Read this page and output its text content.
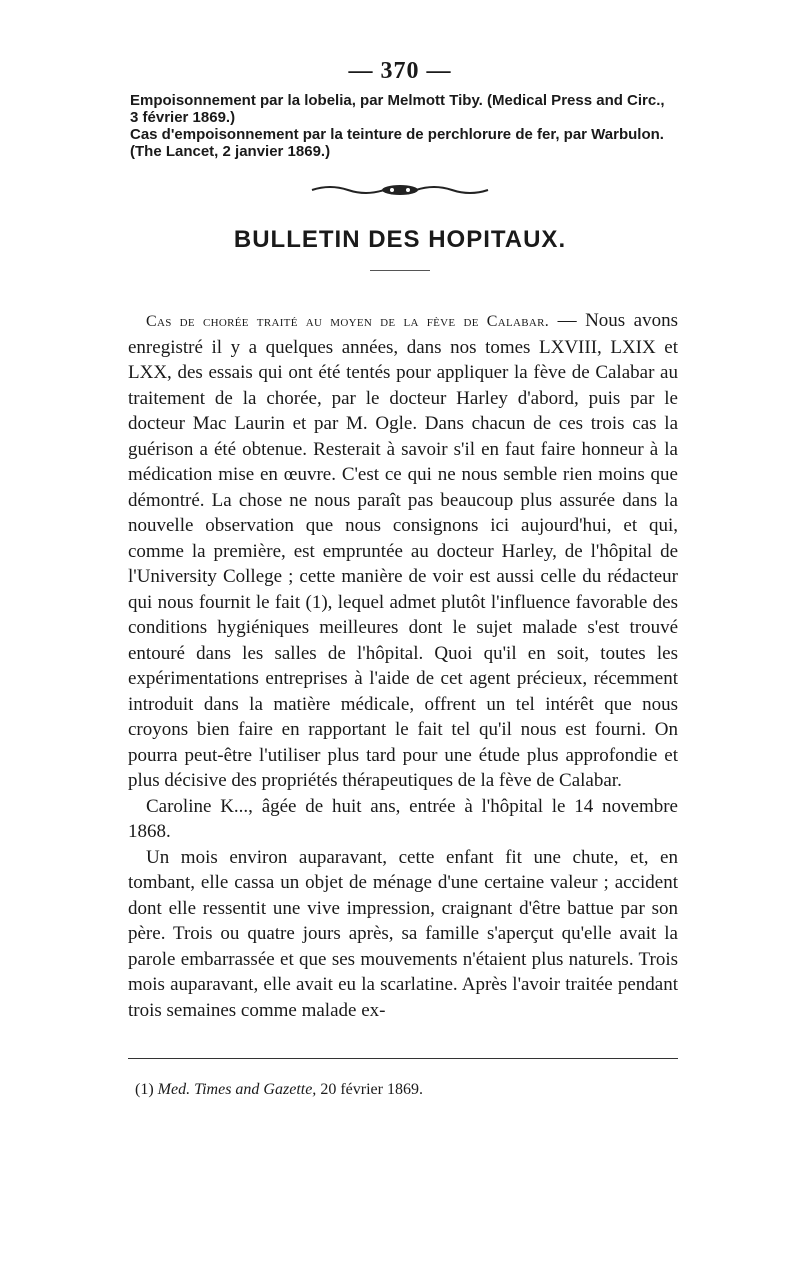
— 370 —

Empoisonnement par la lobelia, par Melmott Tiby. (Medical Press and Circ.,

3 février 1869.)

Cas d'empoisonnement par la teinture de perchlorure de fer, par Warbulon.

(The Lancet, 2 janvier 1869.)

BULLETIN DES HOPITAUX.

Cas de chorée traité au moyen de la fève de Calabar. — Nous avons enregistré il y a quelques années, dans nos tomes LXVIII, LXIX et LXX, des essais qui ont été tentés pour appliquer la fève de Calabar au traitement de la chorée, par le docteur Harley d'abord, puis par le docteur Mac Laurin et par M. Ogle. Dans chacun de ces trois cas la guérison a été obtenue. Resterait à savoir s'il en faut faire honneur à la médication mise en œuvre. C'est ce qui ne nous semble rien moins que démontré. La chose ne nous paraît pas beaucoup plus assurée dans la nouvelle observation que nous consignons ici aujourd'hui, et qui, comme la première, est empruntée au docteur Harley, de l'hôpital de l'University College ; cette manière de voir est aussi celle du rédacteur qui nous fournit le fait (1), lequel admet plutôt l'influence favorable des conditions hygiéniques meilleures dont le sujet malade s'est trouvé entouré dans les salles de l'hôpital. Quoi qu'il en soit, toutes les expérimentations entreprises à l'aide de cet agent précieux, récemment introduit dans la matière médicale, offrent un tel intérêt que nous croyons bien faire en rapportant le fait tel qu'il nous est fourni. On pourra peut-être l'utiliser plus tard pour une étude plus approfondie et plus décisive des propriétés thérapeutiques de la fève de Calabar.

Caroline K..., âgée de huit ans, entrée à l'hôpital le 14 novembre 1868.

Un mois environ auparavant, cette enfant fit une chute, et, en tombant, elle cassa un objet de ménage d'une certaine valeur ; accident dont elle ressentit une vive impression, craignant d'être battue par son père. Trois ou quatre jours après, sa famille s'aperçut qu'elle avait la parole embarrassée et que ses mouvements n'étaient plus naturels. Trois mois auparavant, elle avait eu la scarlatine. Après l'avoir traitée pendant trois semaines comme malade ex-

(1) Med. Times and Gazette, 20 février 1869.
